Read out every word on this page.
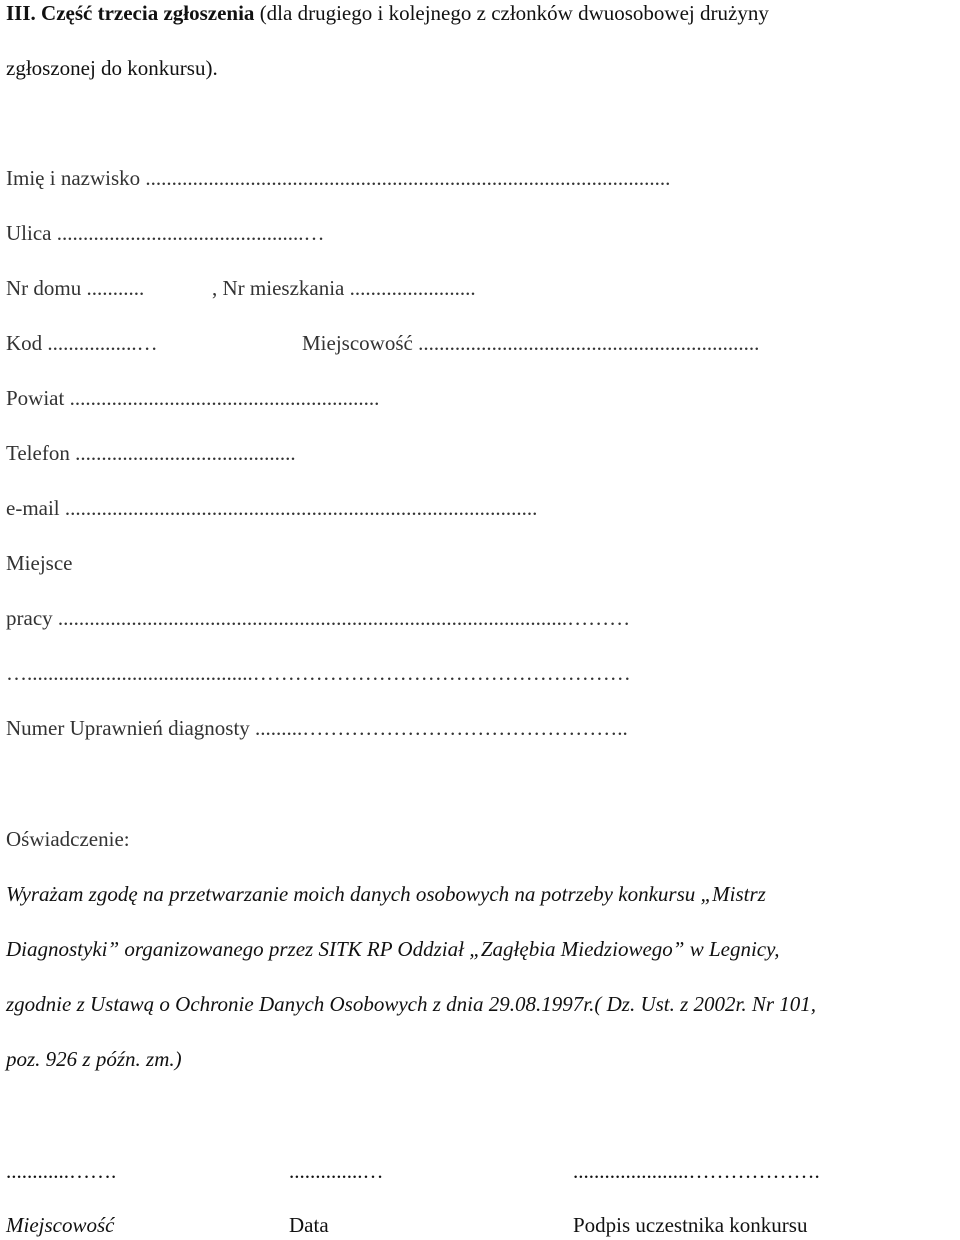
III. Część trzecia zgłoszenia (dla drugiego i kolejnego z członków dwuosobowej drużyny
zgłoszonej do konkursu).
Imię i nazwisko ....................................................................................................
Ulica ...............................................…
Nr domu ...........	, Nr mieszkania ........................
Kod .................…	Miejscowość .................................................................
Powiat ...........................................................
Telefon ..........................................
e-mail ..........................................................................................
Miejsce
pracy .................................................................................................………
…...........................................………………………………………………
Numer Uprawnień diagnosty .........………………………………………..
Oświadczenie:
Wyrażam zgodę na przetwarzanie moich danych osobowych na potrzeby konkursu „Mistrz
Diagnostyki” organizowanego przez SITK RP Oddział „Zagłębia Miedziowego” w Legnicy,
zgodnie z Ustawą o Ochronie Danych Osobowych z dnia 29.08.1997r.( Dz. Ust. z 2002r. Nr 101,
poz. 926 z późn. zm.)
............…….	..............…	......................……………….
Miejscowość	Data	Podpis uczestnika konkursu
